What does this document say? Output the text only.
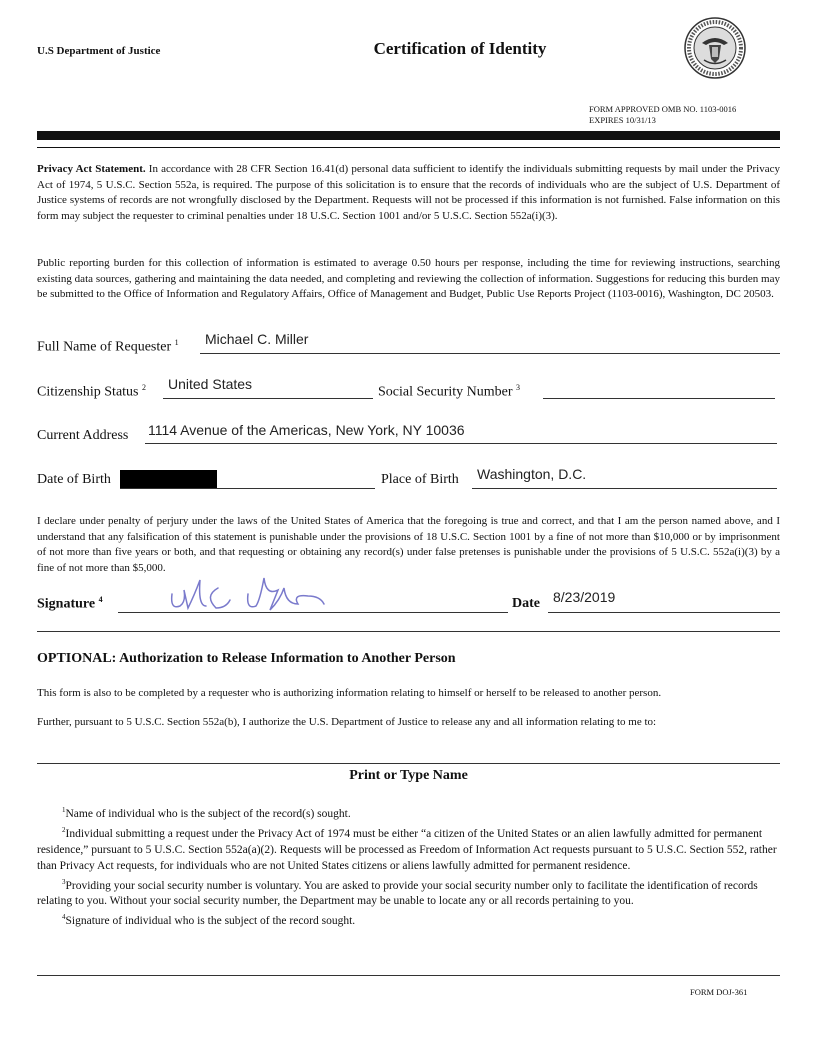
U.S Department of Justice	Certification of Identity
FORM APPROVED OMB NO. 1103-0016
EXPIRES 10/31/13
Privacy Act Statement. In accordance with 28 CFR Section 16.41(d) personal data sufficient to identify the individuals submitting requests by mail under the Privacy Act of 1974, 5 U.S.C. Section 552a, is required. The purpose of this solicitation is to ensure that the records of individuals who are the subject of U.S. Department of Justice systems of records are not wrongfully disclosed by the Department. Requests will not be processed if this information is not furnished. False information on this form may subject the requester to criminal penalties under 18 U.S.C. Section 1001 and/or 5 U.S.C. Section 552a(i)(3).
Public reporting burden for this collection of information is estimated to average 0.50 hours per response, including the time for reviewing instructions, searching existing data sources, gathering and maintaining the data needed, and completing and reviewing the collection of information. Suggestions for reducing this burden may be submitted to the Office of Information and Regulatory Affairs, Office of Management and Budget, Public Use Reports Project (1103-0016), Washington, DC 20503.
Full Name of Requester $^1$ Michael C. Miller
Citizenship Status $^2$ United States
Social Security Number $^3$
Current Address 1114 Avenue of the Americas, New York, NY 10036
Date of Birth [redacted]	Place of Birth Washington, D.C.
I declare under penalty of perjury under the laws of the United States of America that the foregoing is true and correct, and that I am the person named above, and I understand that any falsification of this statement is punishable under the provisions of 18 U.S.C. Section 1001 by a fine of not more than $10,000 or by imprisonment of not more than five years or both, and that requesting or obtaining any record(s) under false pretenses is punishable under the provisions of 5 U.S.C. 552a(i)(3) by a fine of not more than $5,000.
Signature $^4$	Date 8/23/2019
OPTIONAL: Authorization to Release Information to Another Person
This form is also to be completed by a requester who is authorizing information relating to himself or herself to be released to another person.
Further, pursuant to 5 U.S.C. Section 552a(b), I authorize the U.S. Department of Justice to release any and all information relating to me to:
Print or Type Name
$^1$Name of individual who is the subject of the record(s) sought.
$^2$Individual submitting a request under the Privacy Act of 1974 must be either “a citizen of the United States or an alien lawfully admitted for permanent residence,” pursuant to 5 U.S.C. Section 552a(a)(2). Requests will be processed as Freedom of Information Act requests pursuant to 5 U.S.C. Section 552, rather than Privacy Act requests, for individuals who are not United States citizens or aliens lawfully admitted for permanent residence.
$^3$Providing your social security number is voluntary. You are asked to provide your social security number only to facilitate the identification of records relating to you. Without your social security number, the Department may be unable to locate any or all records pertaining to you.
$^4$Signature of individual who is the subject of the record sought.
FORM DOJ-361
